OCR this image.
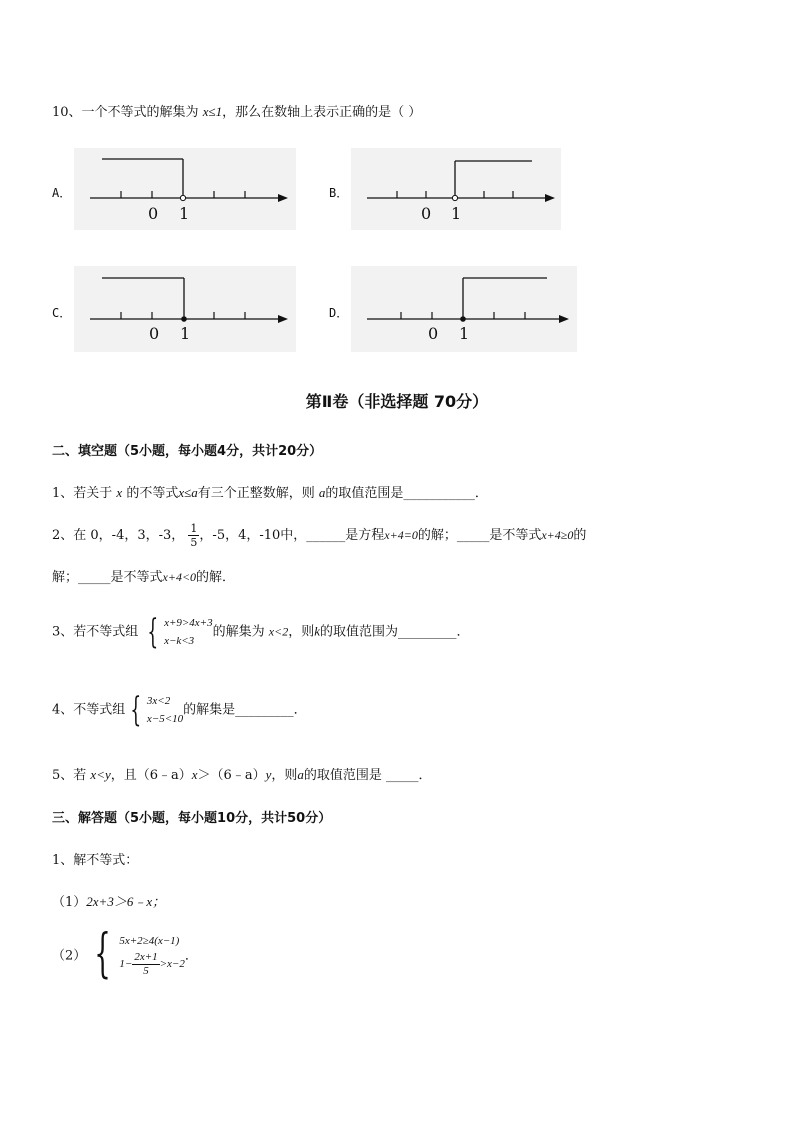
10、一个不等式的解集为 x≤1，那么在数轴上表示正确的是（ ）
A．
0 1
B．
0 1
C．
0 1
D．
0 1
第Ⅱ卷（非选择题 70分）
二、填空题（5小题，每小题4分，共计20分）
1、若关于 x 的不等式x≤a有三个正整数解，则 a的取值范围是___________．
2、在 0，-4，3，-3， $\frac{1}{5}$ ，-5，4，-10中，______是方程x+4=0的解；_____是不等式x+4≥0的
解；_____是不等式x+4<0的解．
3、若不等式组 { x+9>4x+3
x−k<3
的解集为 x<2，则k的取值范围为_________．
4、不等式组 { 3x<2
x−5<10
的解集是_________．
5、若 x<y，且（6﹣a）x＞（6﹣a）y，则a的取值范围是 _____．
三、解答题（5小题，每小题10分，共计50分）
1、解不等式：
（1）2x+3＞6﹣x；
（2） { 5x+2≥4(x−1)
$1- \frac{2x+1}{5} >x-2$
．
